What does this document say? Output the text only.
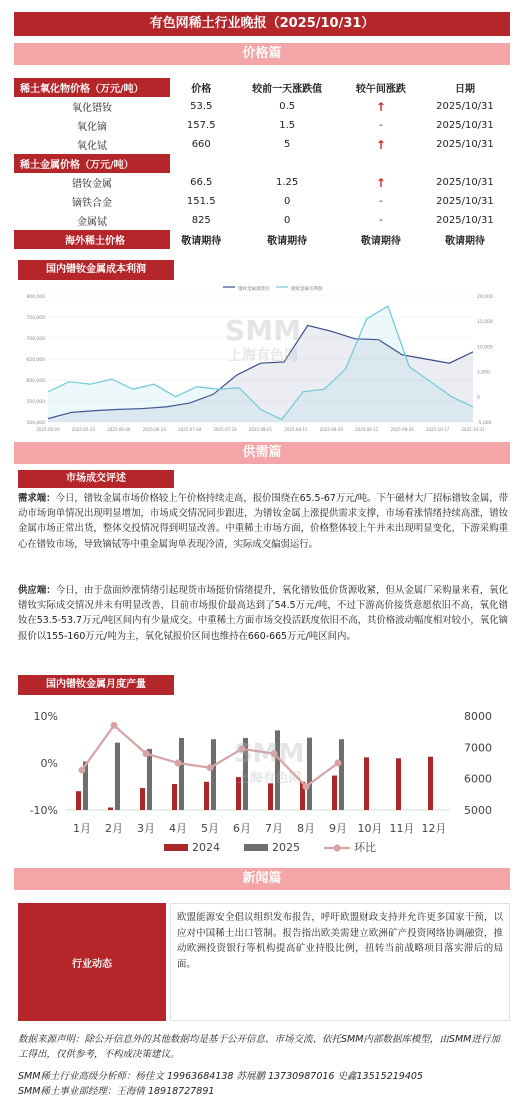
有色网稀土行业晚报（2025/10/31）
价格篇
稀土氧化物价格（万元/吨）	价格	较前一天涨跌值	较午间涨跌	日期
氧化镨钕	53.5	0.5	↑	2025/10/31
氧化镝	157.5	1.5	-	2025/10/31
氧化铽	660	5	↑	2025/10/31
稀土金属价格（万元/吨）				
镨钕金属	66.5	1.25	↑	2025/10/31
镝铁合金	151.5	0	-	2025/10/31
金属铽	825	0	-	2025/10/31
海外稀土价格	敬请期待	敬请期待	敬请期待	敬请期待
国内镨钕金属成本利润
镨钕金属现货价	镨钕金属毛利润
800,000
750,000
700,000
650,000
600,000
550,000
500,000
20,000
15,000
10,000
5,000
0
-5,000
2025-05-09	2025-05-23	2025-06-06	2025-06-20	2025-07-04	2025-07-18	2025-08-01	2025-08-15	2025-08-29	2025-09-12	2025-09-26	2025-10-17	2025-10-31
SMM
上海有色网
供需篇
市场成交评述
需求端：今日，镨钕金属市场价格较上午价格持续走高，报价围绕在65.5-67万元/吨。下午磁材大厂招标镨钕金属，带动市场询单情况出现明显增加，市场成交情况同步跟进，为镨钕金属上涨提供需求支撑，市场看涨情绪持续高涨，镨钕金属市场正常出货，整体交投情况得到明显改善。中重稀土市场方面，价格整体较上午并未出现明显变化，下游采购重心在镨钕市场，导致镝铽等中重金属询单表现冷清，实际成交偏弱运行。
供应端：今日，由于盘面炒涨情绪引起现货市场挺价情绪提升，氧化镨钕低价货源收紧，但从金属厂采购量来看，氧化镨钕实际成交情况并未有明显改善，目前市场报价最高达到了54.5万元/吨，不过下游高价接货意愿依旧不高，氧化镨钕在53.5-53.7万元/吨区间内有少量成交。中重稀土方面市场交投活跃度依旧不高，其价格波动幅度相对较小，氧化镝报价以155-160万元/吨为主，氧化铽报价区间也维持在660-665万元/吨区间内。
国内镨钕金属月度产量
10%
0%
-10%
8000
7000
6000
5000
1月 2月 3月 4月 5月 6月 7月 8月 9月 10月 11月 12月
SMM
上海有色网
2024	2025	环比
新闻篇
行业动态
欧盟能源安全倡议组织发布报告，呼吁欧盟财政支持并允许更多国家干预，以应对中国稀土出口管制。报告指出欧美需建立欧洲矿产投资网络协调融资，推动欧洲投资银行等机构提高矿业持股比例，扭转当前战略项目落实滞后的局面。
数据来源声明：除公开信息外的其他数据均是基于公开信息、市场交流、依托SMM内部数据库模型，由SMM进行加工得出，仅供参考，不构成决策建议。
SMM稀土行业高级分析师：杨佳文 19963684138 苏展鹏 13730987016 史鑫13515219405
SMM稀土事业部经理：王海倩 18918727891
